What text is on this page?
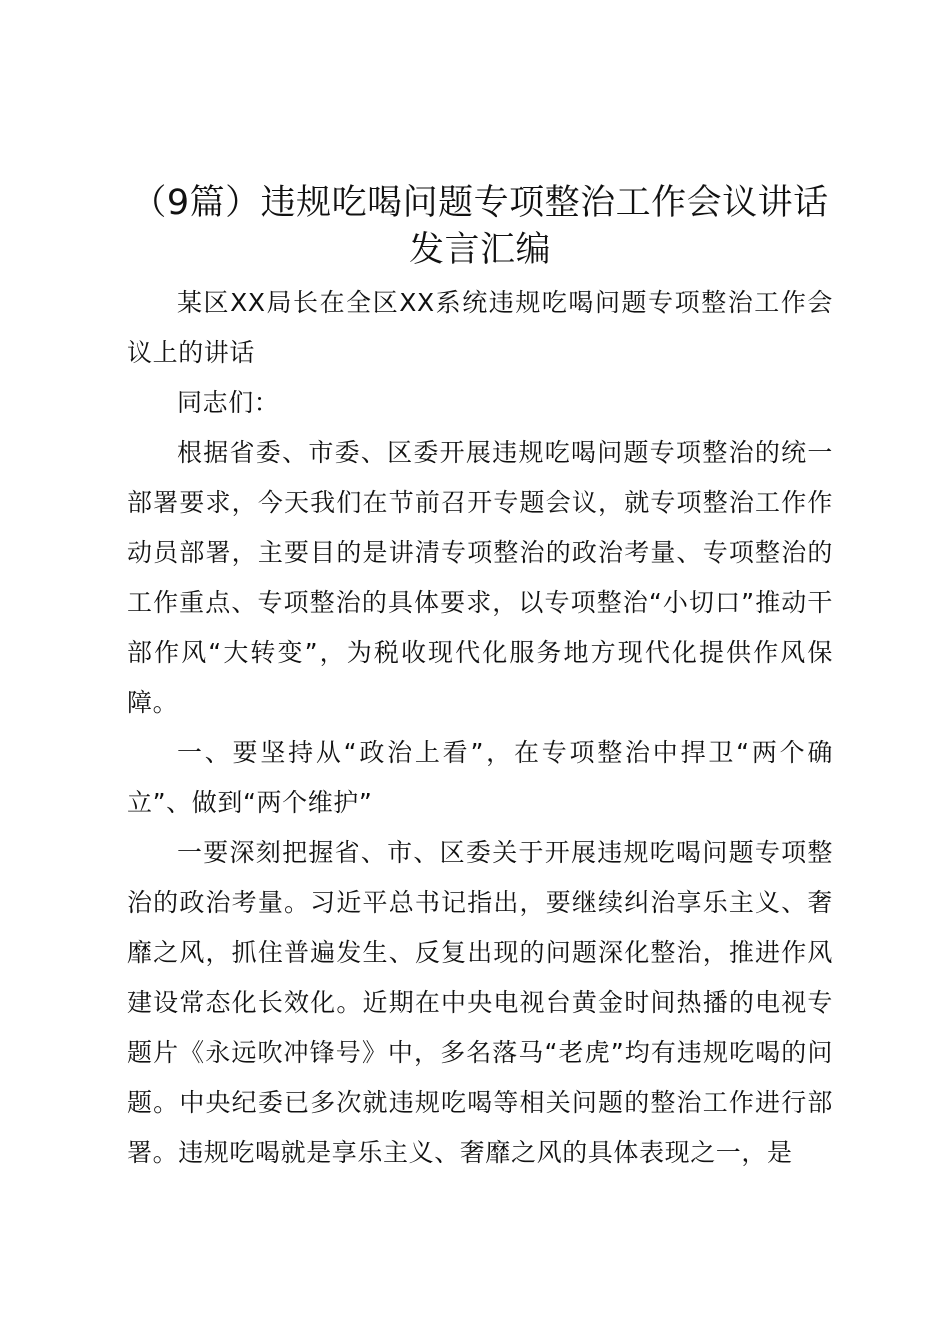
（9篇）违规吃喝问题专项整治工作会议讲话发言汇编

某区XX局长在全区XX系统违规吃喝问题专项整治工作会议上的讲话

同志们：

根据省委、市委、区委开展违规吃喝问题专项整治的统一部署要求，今天我们在节前召开专题会议，就专项整治工作作动员部署，主要目的是讲清专项整治的政治考量、专项整治的工作重点、专项整治的具体要求，以专项整治“小切口”推动干部作风“大转变”，为税收现代化服务地方现代化提供作风保障。

一、要坚持从“政治上看”，在专项整治中捍卫“两个确立”、做到“两个维护”

一要深刻把握省、市、区委关于开展违规吃喝问题专项整治的政治考量。习近平总书记指出，要继续纠治享乐主义、奢靡之风，抓住普遍发生、反复出现的问题深化整治，推进作风建设常态化长效化。近期在中央电视台黄金时间热播的电视专题片《永远吹冲锋号》中，多名落马“老虎”均有违规吃喝的问题。中央纪委已多次就违规吃喝等相关问题的整治工作进行部署。违规吃喝就是享乐主义、奢靡之风的具体表现之一，是
